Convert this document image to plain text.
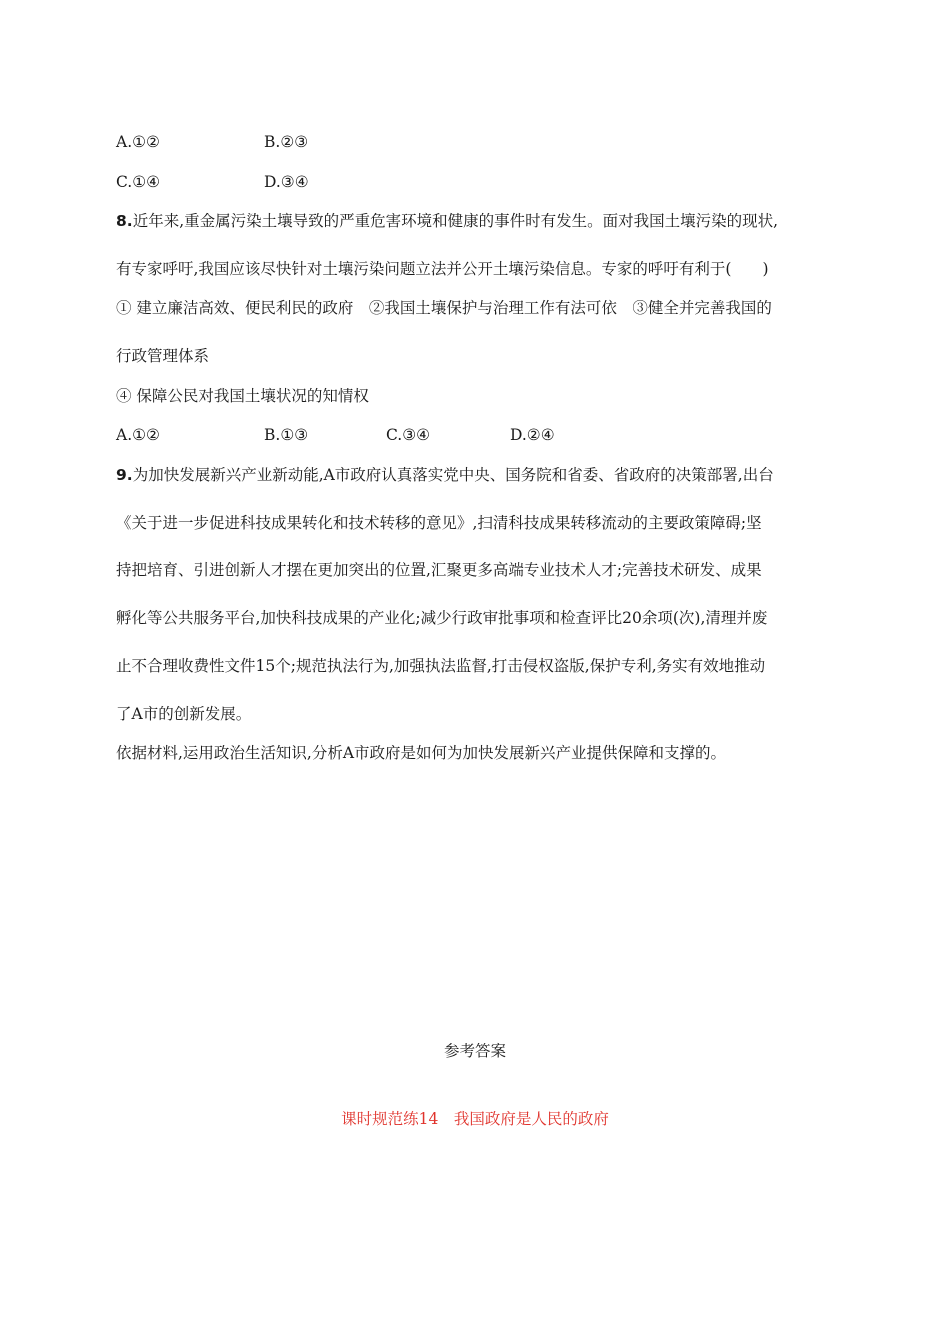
A.①②	B.②③
C.①④	D.③④
8.近年来,重金属污染土壤导致的严重危害环境和健康的事件时有发生。面对我国土壤污染的现状,
有专家呼吁,我国应该尽快针对土壤污染问题立法并公开土壤污染信息。专家的呼吁有利于(　　)
① 建立廉洁高效、便民利民的政府　②我国土壤保护与治理工作有法可依　③健全并完善我国的
行政管理体系
④ 保障公民对我国土壤状况的知情权
A.①②	B.①③	C.③④	D.②④
9.为加快发展新兴产业新动能,A市政府认真落实党中央、国务院和省委、省政府的决策部署,出台
《关于进一步促进科技成果转化和技术转移的意见》,扫清科技成果转移流动的主要政策障碍;坚
持把培育、引进创新人才摆在更加突出的位置,汇聚更多高端专业技术人才;完善技术研发、成果
孵化等公共服务平台,加快科技成果的产业化;减少行政审批事项和检查评比20余项(次),清理并废
止不合理收费性文件15个;规范执法行为,加强执法监督,打击侵权盗版,保护专利,务实有效地推动
了A市的创新发展。
依据材料,运用政治生活知识,分析A市政府是如何为加快发展新兴产业提供保障和支撑的。
参考答案
课时规范练14　我国政府是人民的政府
